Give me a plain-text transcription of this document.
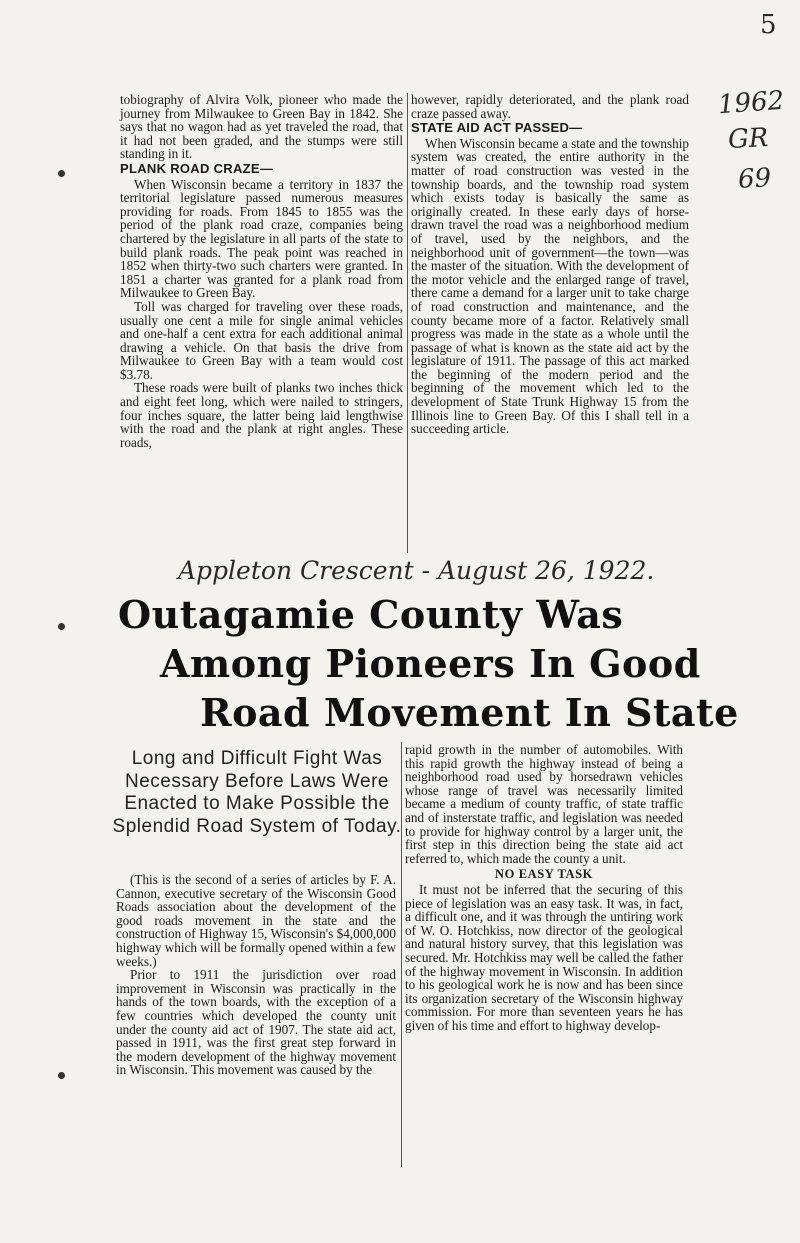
5
1962
GR
69

tobiography of Alvira Volk, pioneer who made the journey from Milwaukee to Green Bay in 1842. She says that no wagon had as yet traveled the road, that it had not been graded, and the stumps were still standing in it.

PLANK ROAD CRAZE—

When Wisconsin became a territory in 1837 the territorial legislature passed numerous measures providing for roads. From 1845 to 1855 was the period of the plank road craze, companies being chartered by the legislature in all parts of the state to build plank roads. The peak point was reached in 1852 when thirty-two such charters were granted. In 1851 a charter was granted for a plank road from Milwaukee to Green Bay.

Toll was charged for traveling over these roads, usually one cent a mile for single animal vehicles and one-half a cent extra for each additional animal drawing a vehicle. On that basis the drive from Milwaukee to Green Bay with a team would cost $3.78.

These roads were built of planks two inches thick and eight feet long, which were nailed to stringers, four inches square, the latter being laid lengthwise with the road and the plank at right angles. These roads,

however, rapidly deteriorated, and the plank road craze passed away.

STATE AID ACT PASSED—

When Wisconsin became a state and the township system was created, the entire authority in the matter of road construction was vested in the township boards, and the township road system which exists today is basically the same as originally created. In these early days of horse-drawn travel the road was a neighborhood medium of travel, used by the neighbors, and the neighborhood unit of government—the town—was the master of the situation. With the development of the motor vehicle and the enlarged range of travel, there came a demand for a larger unit to take charge of road construction and maintenance, and the county became more of a factor. Relatively small progress was made in the state as a whole until the passage of what is known as the state aid act by the legislature of 1911. The passage of this act marked the beginning of the modern period and the beginning of the movement which led to the development of State Trunk Highway 15 from the Illinois line to Green Bay. Of this I shall tell in a succeeding article.

Appleton Crescent - August 26, 1922.
Outagamie County Was
Among Pioneers In Good
Road Movement In State
Long and Difficult Fight Was Necessary Before Laws Were Enacted to Make Possible the Splendid Road System of Today.

(This is the second of a series of articles by F. A. Cannon, executive secretary of the Wisconsin Good Roads association about the development of the good roads movement in the state and the construction of Highway 15, Wisconsin's $4,000,000 highway which will be formally opened within a few weeks.)

Prior to 1911 the jurisdiction over road improvement in Wisconsin was practically in the hands of the town boards, with the exception of a few countries which developed the county unit under the county aid act of 1907. The state aid act, passed in 1911, was the first great step forward in the modern development of the highway movement in Wisconsin. This movement was caused by the

rapid growth in the number of automobiles. With this rapid growth the highway instead of being a neighborhood road used by horsedrawn vehicles whose range of travel was necessarily limited became a medium of county traffic, of state traffic and of insterstate traffic, and legislation was needed to provide for highway control by a larger unit, the first step in this direction being the state aid act referred to, which made the county a unit.

NO EASY TASK

It must not be inferred that the securing of this piece of legislation was an easy task. It was, in fact, a difficult one, and it was through the untiring work of W. O. Hotchkiss, now director of the geological and natural history survey, that this legislation was secured. Mr. Hotchkiss may well be called the father of the highway movement in Wisconsin. In addition to his geological work he is now and has been since its organization secretary of the Wisconsin highway commission. For more than seventeen years he has given of his time and effort to highway develop-
